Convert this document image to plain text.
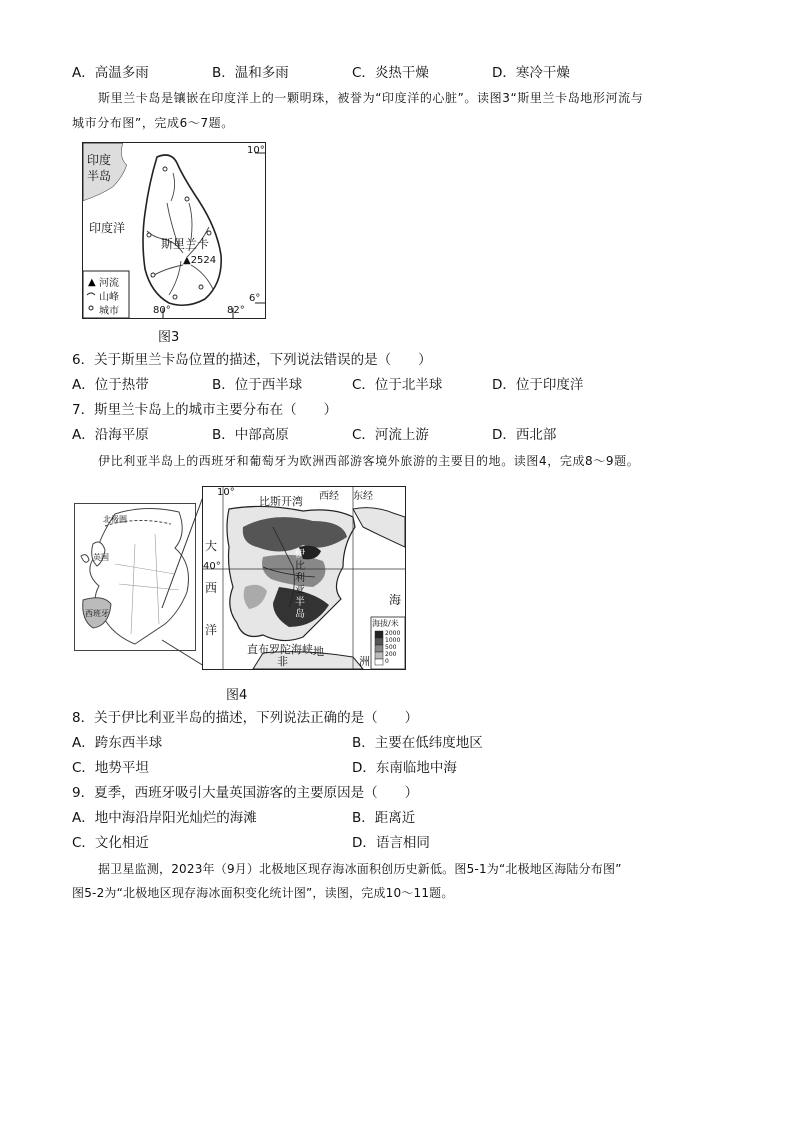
A．高温多雨	B．温和多雨	C．炎热干燥	D．寒冷干燥
斯里兰卡岛是镶嵌在印度洋上的一颗明珠，被誉为“印度洋的心脏”。读图3“斯里兰卡岛地形河流与
城市分布图”，完成6～7题。
▲
印度
半岛
印度洋
斯里兰卡
▲2524
10°
6°
80°	82°
河流
山峰
城市
图3
6．关于斯里兰卡岛位置的描述，下列说法错误的是（　　）
A．位于热带	B．位于西半球	C．位于北半球	D．位于印度洋
7．斯里兰卡岛上的城市主要分布在（　　）
A．沿海平原	B．中部高原	C．河流上游	D．西北部
伊比利亚半岛上的西班牙和葡萄牙为欧洲西部游客境外旅游的主要目的地。读图4，完成8～9题。
北极圈
英国
西班牙
10°
比斯开湾 西经 东经
40°
大
西
洋
海
伊
比
利
亚
半
岛
直布罗陀海峡
非	洲
地
海拔/米
2000
1000
500
200
0
图4
8．关于伊比利亚半岛的描述，下列说法正确的是（　　）
A．跨东西半球	B．主要在低纬度地区
C．地势平坦	D．东南临地中海
9．夏季，西班牙吸引大量英国游客的主要原因是（　　）
A．地中海沿岸阳光灿烂的海滩	B．距离近
C．文化相近	D．语言相同
据卫星监测，2023年（9月）北极地区现存海冰面积创历史新低。图5-1为“北极地区海陆分布图”
图5-2为“北极地区现存海冰面积变化统计图”，读图，完成10～11题。
